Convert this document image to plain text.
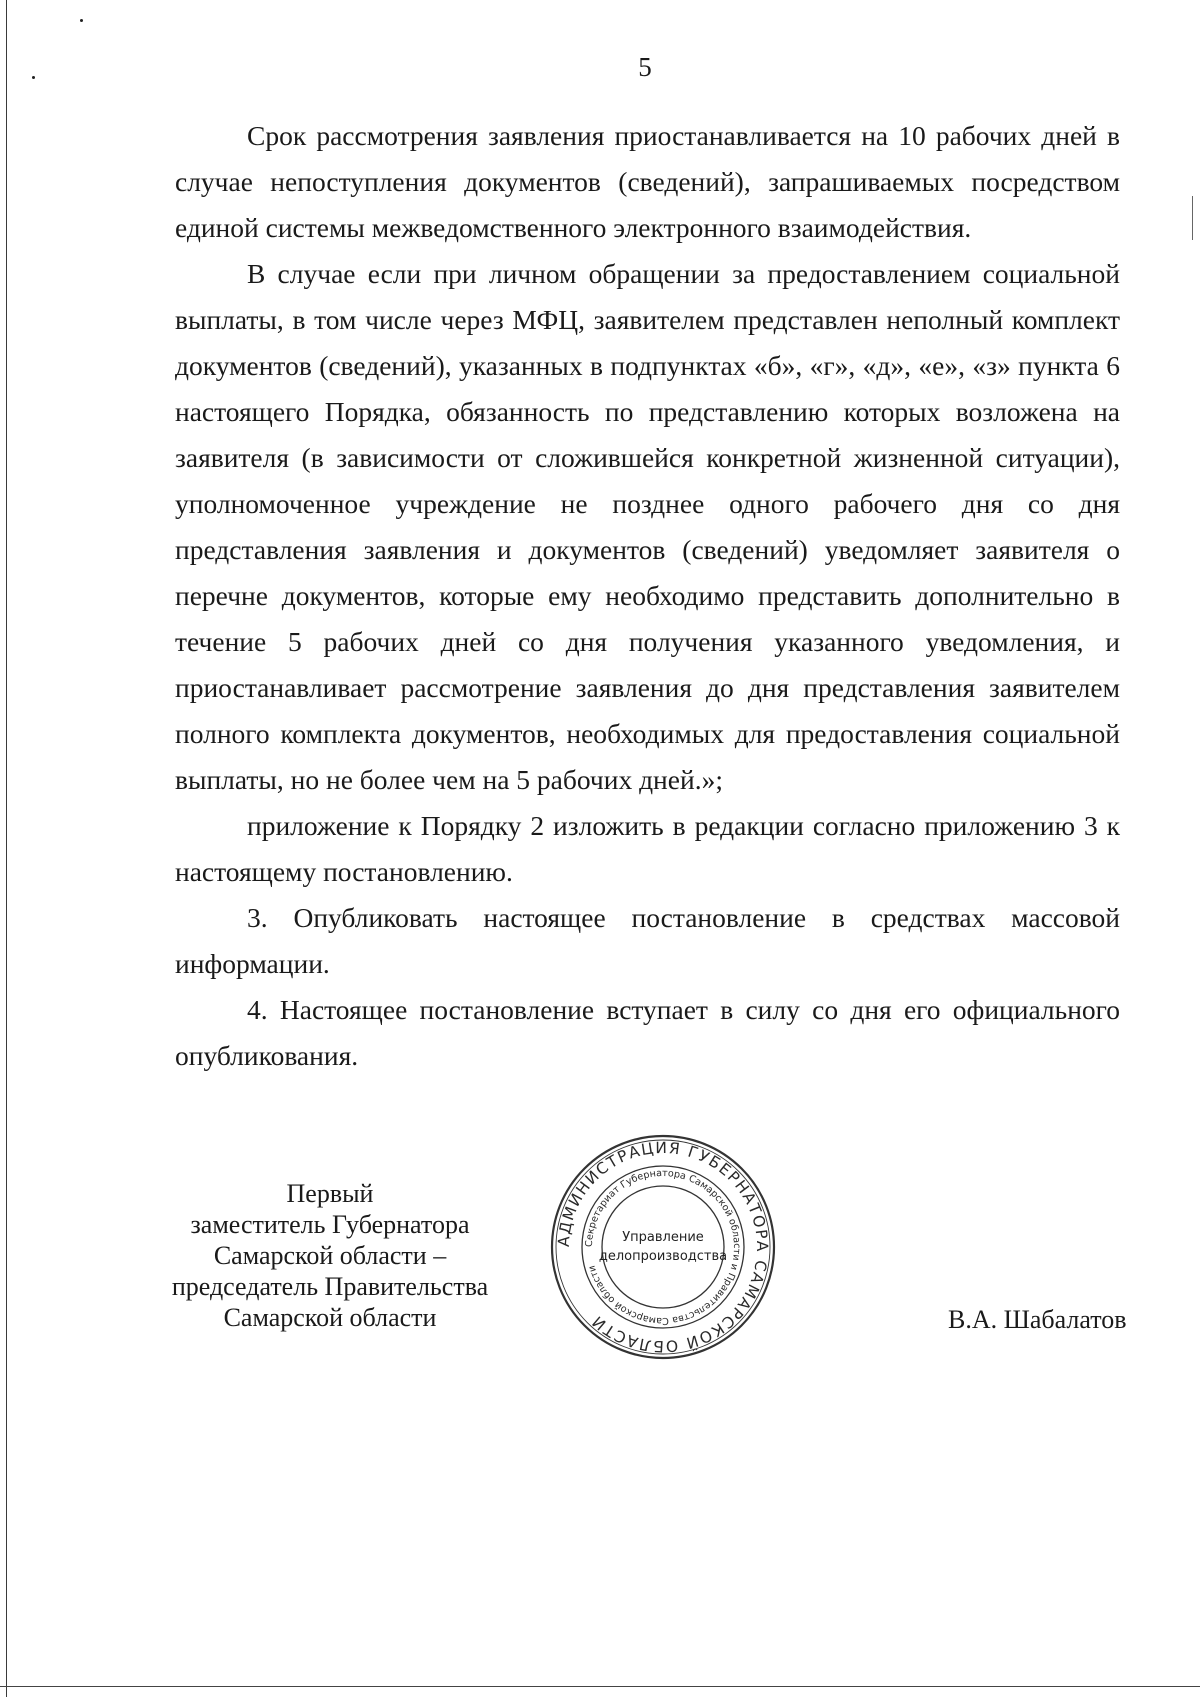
5

Срок рассмотрения заявления приостанавливается на 10 рабочих дней в случае непоступления документов (сведений), запрашиваемых посредством единой системы межведомственного электронного взаимодействия.

В случае если при личном обращении за предоставлением социальной выплаты, в том числе через МФЦ, заявителем представлен неполный комплект документов (сведений), указанных в подпунктах «б», «г», «д», «е», «з» пункта 6 настоящего Порядка, обязанность по представлению которых возложена на заявителя (в зависимости от сложившейся конкретной жизненной ситуации), уполномоченное учреждение не позднее одного рабочего дня со дня представления заявления и документов (сведений) уведомляет заявителя о перечне документов, которые ему необходимо представить дополнительно в течение 5 рабочих дней со дня получения указанного уведомления, и приостанавливает рассмотрение заявления до дня представления заявителем полного комплекта документов, необходимых для предоставления социальной выплаты, но не более чем на 5 рабочих дней.»;

приложение к Порядку 2 изложить в редакции согласно приложению 3 к настоящему постановлению.

3. Опубликовать настоящее постановление в средствах массовой информации.

4. Настоящее постановление вступает в силу со дня его официального опубликования.

Первый
заместитель Губернатора
Самарской области –
председатель Правительства
Самарской области
АДМИНИСТРАЦИЯ ГУБЕРНАТОРА САМАРСКОЙ ОБЛАСТИ
Секретариат Губернатора Самарской области и Правительства Самарской области
Управление
делопроизводства
В.А. Шабалатов
